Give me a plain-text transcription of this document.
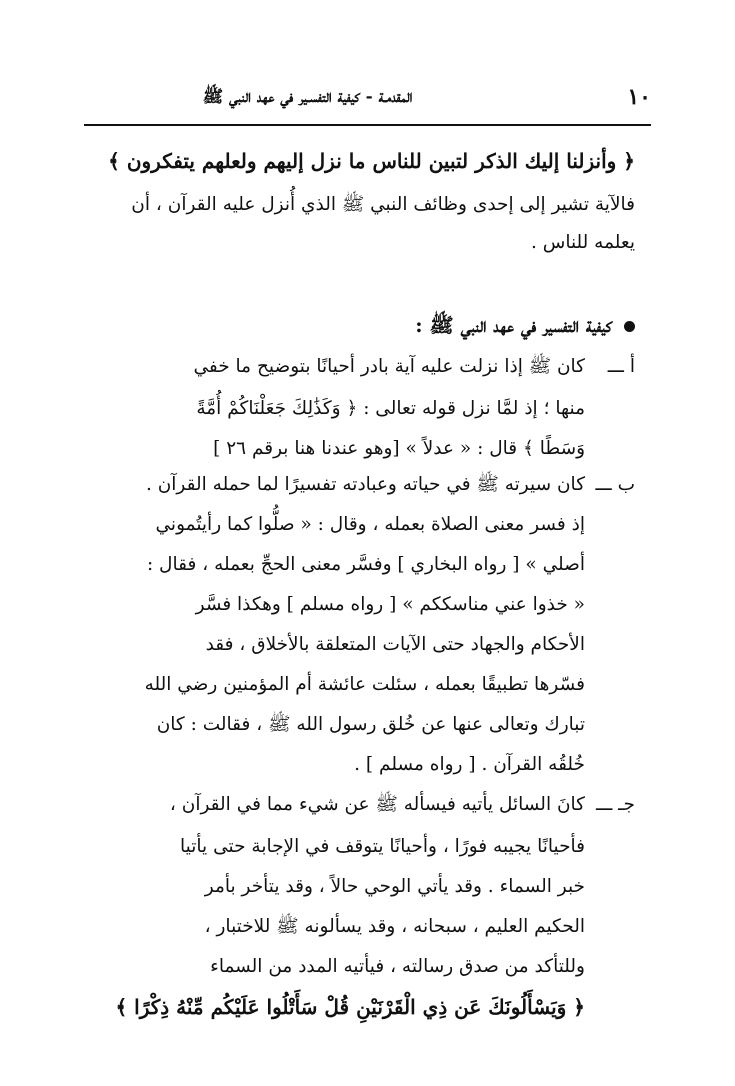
١٠
المقدمـة - كيفية التفسـير في عهد النبي ﷺ
﴿ وأنزلنا إليك الذكر لتبين للناس ما نزل إليهم ولعلهم يتفكرون ﴾
فالآية تشير إلى إحدى وظائف النبي ﷺ الذي أُنزل عليه القرآن ، أن
يعلمه للناس .
كيفية التفسير في عهد النبي ﷺ :
أ ـــ
كان ﷺ إذا نزلت عليه آية بادر أحيانًا بتوضيح ما خفي
منها ؛ إذ لمَّا نزل قوله تعالى : ﴿ وَكَذَٰلِكَ جَعَلْنَاكُمْ أُمَّةً
وَسَطًا ﴾ قال : « عدلاً » [وهو عندنا هنا برقم ٢٦ ]
ب ـــ
كان سيرته ﷺ في حياته وعبادته تفسيرًا لما حمله القرآن .
إذ فسر معنى الصلاة بعمله ، وقال : « صلُّوا كما رأيتُموني
أصلي » [ رواه البخاري ] وفسَّر معنى الحجِّ بعمله ، فقال :
« خذوا عني مناسككم » [ رواه مسلم ] وهكذا فسَّر
الأحكام والجهاد حتى الآيات المتعلقة بالأخلاق ، فقد
فسّرها تطبيقًا بعمله ، سئلت عائشة أم المؤمنين رضي الله
تبارك وتعالى عنها عن خُلق رسول الله ﷺ ، فقالت : كان
خُلقُه القرآن . [ رواه مسلم ] .
جـ ـــ
كانَ السائل يأتيه فيسأله ﷺ عن شيء مما في القرآن ،
فأحيانًا يجيبه فورًا ، وأحيانًا يتوقف في الإجابة حتى يأتيا
خبر السماء . وقد يأتي الوحي حالاً ، وقد يتأخر بأمر
الحكيم العليم ، سبحانه ، وقد يسألونه ﷺ للاختبار ،
وللتأكد من صدق رسالته ، فيأتيه المدد من السماء
﴿ وَيَسْأَلُونَكَ عَن ذِي الْقَرْنَيْنِ قُلْ سَأَتْلُوا عَلَيْكُم مِّنْهُ ذِكْرًا ﴾
